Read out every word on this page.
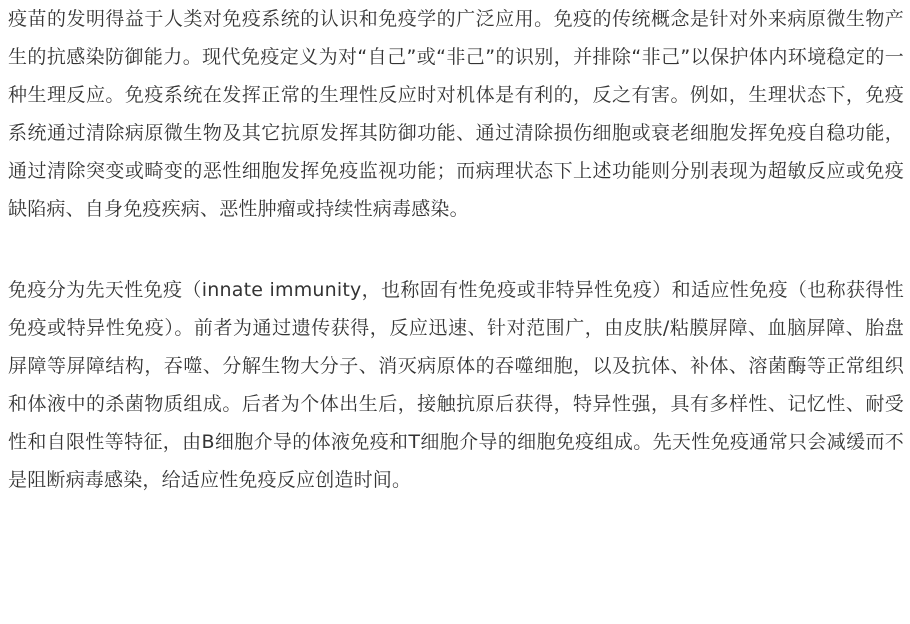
疫苗的发明得益于人类对免疫系统的认识和免疫学的广泛应用。免疫的传统概念是针对外来病原微生物产生的抗感染防御能力。现代免疫定义为对“自己”或“非己”的识别，并排除“非己”以保护体内环境稳定的一种生理反应。免疫系统在发挥正常的生理性反应时对机体是有利的，反之有害。例如，生理状态下，免疫系统通过清除病原微生物及其它抗原发挥其防御功能、通过清除损伤细胞或衰老细胞发挥免疫自稳功能，通过清除突变或畸变的恶性细胞发挥免疫监视功能；而病理状态下上述功能则分别表现为超敏反应或免疫缺陷病、自身免疫疾病、恶性肿瘤或持续性病毒感染。

免疫分为先天性免疫（innate immunity，也称固有性免疫或非特异性免疫）和适应性免疫（也称获得性免疫或特异性免疫）。前者为通过遗传获得，反应迅速、针对范围广，由皮肤/粘膜屏障、血脑屏障、胎盘屏障等屏障结构，吞噬、分解生物大分子、消灭病原体的吞噬细胞，以及抗体、补体、溶菌酶等正常组织和体液中的杀菌物质组成。后者为个体出生后，接触抗原后获得，特异性强，具有多样性、记忆性、耐受性和自限性等特征，由B细胞介导的体液免疫和T细胞介导的细胞免疫组成。先天性免疫通常只会减缓而不是阻断病毒感染，给适应性免疫反应创造时间。
